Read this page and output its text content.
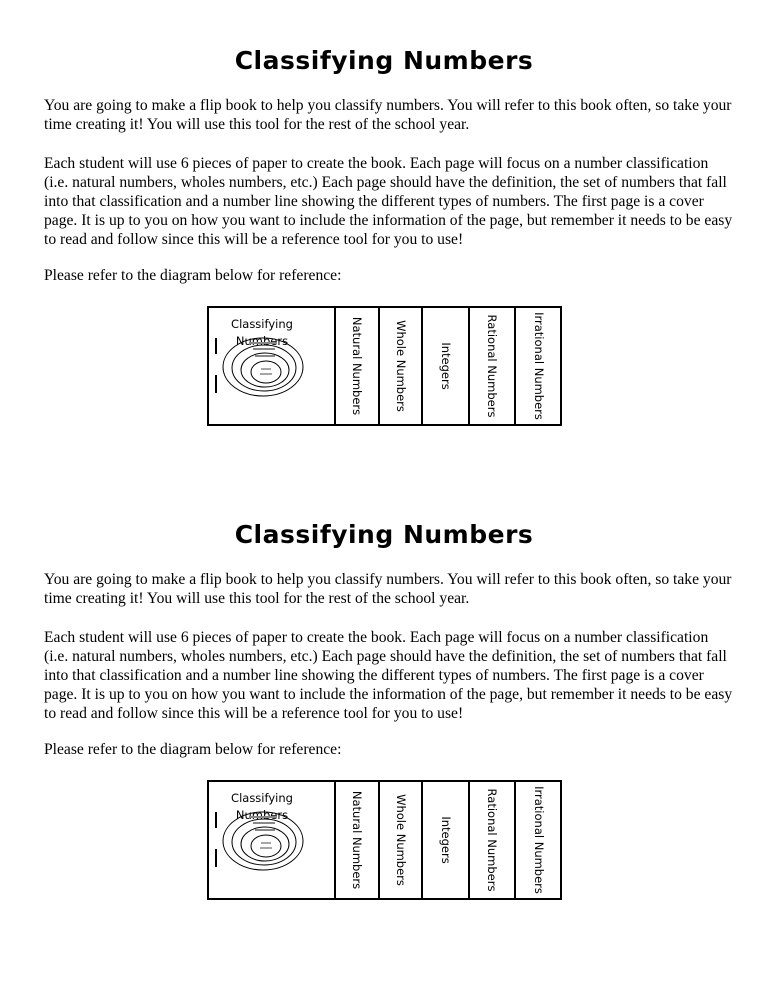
Classifying Numbers

You are going to make a flip book to help you classify numbers. You will refer to this book often, so take your time creating it! You will use this tool for the rest of the school year.

Each student will use 6 pieces of paper to create the book. Each page will focus on a number classification (i.e. natural numbers, wholes numbers, etc.) Each page should have the definition, the set of numbers that fall into that classification and a number line showing the different types of numbers. The first page is a cover page. It is up to you on how you want to include the information of the page, but remember it needs to be easy to read and follow since this will be a reference tool for you to use!

Please refer to the diagram below for reference:

Classifying
Numbers	Natural Numbers	Whole Numbers	Integers	Rational Numbers	Irrational Numbers
Classifying Numbers

You are going to make a flip book to help you classify numbers. You will refer to this book often, so take your time creating it! You will use this tool for the rest of the school year.

Each student will use 6 pieces of paper to create the book. Each page will focus on a number classification (i.e. natural numbers, wholes numbers, etc.) Each page should have the definition, the set of numbers that fall into that classification and a number line showing the different types of numbers. The first page is a cover page. It is up to you on how you want to include the information of the page, but remember it needs to be easy to read and follow since this will be a reference tool for you to use!

Please refer to the diagram below for reference:

Classifying
Numbers	Natural Numbers	Whole Numbers	Integers	Rational Numbers	Irrational Numbers
